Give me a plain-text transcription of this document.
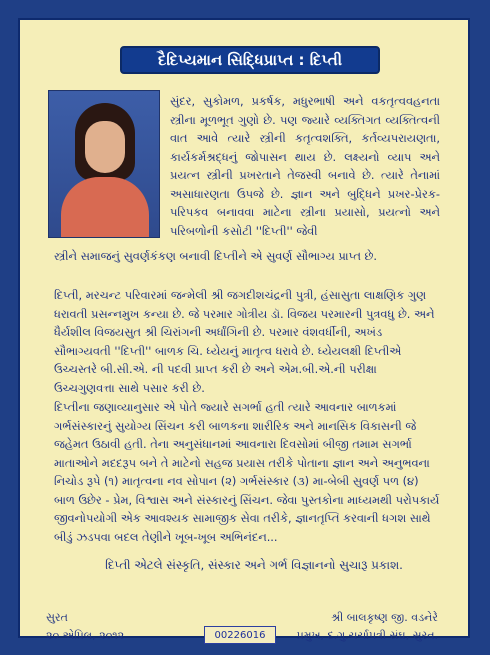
દૈદિપ્યમાન સિદ્ધિપ્રાપ્ત : દિપ્તી

સુંદર, સુકોમળ, પ્રકર્ષક, મધુરભાષી અને વકતૃત્વવહનતા સ્ત્રીના મૂળભૂત ગુણો છે. પણ જ્યારે વ્યક્તિગત વ્યક્તિત્વની વાત આવે ત્યારે સ્ત્રીની કતૃત્વશક્તિ, કર્તવ્યપરાયણતા, કાર્યકર્મશ્રદ્ધનું જોપાસન થાય છે. લક્ષ્યનો વ્યાપ અને પ્રયત્ન સ્ત્રીની પ્રખરતાને તેજસ્વી બનાવે છે. ત્યારે તેનામાં અસાધારણતા ઉપજે છે. જ્ઞાન અને બુદ્ધિને પ્રખર-પ્રેરક-પરિપકવ બનાવવા માટેના સ્ત્રીના પ્રયાસો, પ્રયત્નો અને પરિબળોની કસોટી ''દિપ્તી'' જેવી

સ્ત્રીને સમાજનું સુવર્ણકંકણ બનાવી દિપ્તીને એ સુવર્ણ સૌભાગ્ય પ્રાપ્ત છે.

દિપ્તી, મરચન્ટ પરિવારમાં જન્મેલી શ્રી જગદીશચંદ્રની પુત્રી, હંસાસુતા લાક્ષણિક ગુણ ધરાવતી પ્રસન્નમુખ કન્યા છે. જે પરમાર ગોત્રીય ડૉ. વિજય પરમારની પુત્રવધુ છે. અને ધૈર્યશીલ વિજયસુત શ્રી ચિરાંગની અર્ધાંગિની છે. પરમાર વંશવર્ધીની, અખંડ સૌભાગ્યવતી ''દિપ્તી'' બાળક ચિ. ધ્યેયનું માતૃત્વ ધરાવે છે. ધ્યેયલક્ષી દિપ્તીએ ઉચ્ચસ્તરે બી.સી.એ. ની પદવી પ્રાપ્ત કરી છે અને એમ.બી.એ.ની પરીક્ષા ઉચ્ચગુણવત્તા સાથે પસાર કરી છે.

દિપ્તીના જણાવ્યાનુસાર એ પોતે જ્યારે સગર્ભા હતી ત્યારે આવનાર બાળકમાં ગર્ભસંસ્કારનું સુયોગ્ય સિંચન કરી બાળકના શારીરિક અને માનસિક વિકાસની જે જહેમત ઉઠાવી હતી. તેના અનુસંધાનમાં આવનારા દિવસોમાં બીજી તમામ સગર્ભા માતાઓને મદદરૂપ બને તે માટેનો સહજ પ્રયાસ તરીકે પોતાના જ્ઞાન અને અનુભવના નિચોડ રૂપે (૧) માતૃત્વના નવ સોપાન (૨) ગર્ભસંસ્કાર (૩) મા-બેબી સુવર્ણ પળ (૪) બાળ ઉછેર - પ્રેમ, વિશ્વાસ અને સંસ્કારનું સિંચન. જેવા પુસ્તકોના માધ્યમથી પરોપકાર્ય જીવનોપયોગી એક આવશ્યક સામાજીક સેવા તરીકે, જ્ઞાનતૃપ્તિ કરવાની ધગશ સાથે બીડું ઝડપવા બદલ તેણીને ખૂબ-ખૂબ અભિનંદન...

દિપ્તી એટલે સંસ્કૃતિ, સંસ્કાર અને ગર્ભ વિજ્ઞાનનો સુચારૂ પ્રકાશ.
સુરત
૨૦ એપ્રિલ, ૨૦૧૨
શ્રી બાલકૃષ્ણ જી. વડનેરે
પ્રમુખ, દ.ગુ.ચર્ચાપત્રી સંઘ, સુરત.
00226016
